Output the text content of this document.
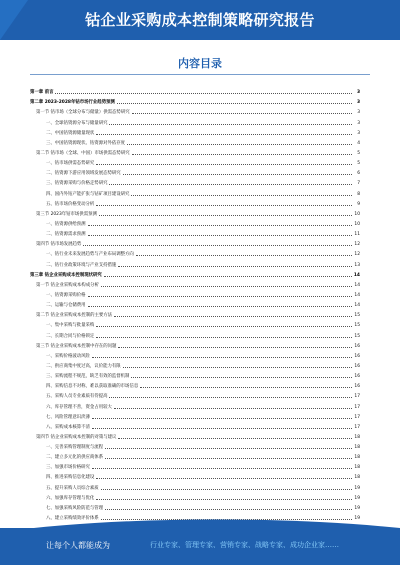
钴企业采购成本控制策略研究报告
内容目录
第一章 前言	3
第二章 2023-2028年钴市场行业趋势预测	3
第一节 钴市场（全球分布与储量）供需态势研究	3
一、全球钴资源分布与储量研究	3
二、中国钴资源储量现状	3
三、中国钴资源现状、钴资源对外依存度	4
第二节 钴市场（全球、中国）市场供需态势研究	5
一、钴市场供需态势研究	5
二、钴资源下游应用领域发展态势研究	6
三、钴资源采购与价格走势研究	7
四、国内外钴产能扩张与钴矿项目建设研究	8
五、钴市场价格变动分析	9
第三节 2023年钴市场供需预测	10
一、钴资源供给预测	10
二、钴资源需求预测	11
第四节 钴市场发展趋势	12
一、钴行业未来发展趋势与产业布局调整方向	12
二、钴行业政策环境与产业支持措施	13
第三章 钴企业采购成本控制现状研究	14
第一节 钴企业采购成本构成分析	14
一、钴资源采购价格	14
二、运输与仓储费用	14
第二节 钴企业采购成本控制的主要方法	15
一、集中采购与批量采购	15
二、长期合同与价格锁定	15
第三节 钴企业采购成本控制中存在的问题	16
一、采购价格波动风险	16
二、供应商集中度过高，议价能力有限	16
三、采购流程不规范，缺乏有效的监督机制	16
四、采购信息不对称，难以获取准确的市场信息	16
五、采购人员专业素质有待提高	17
六、库存管理不善，资金占用较大	17
七、风险管理意识淡薄	17
八、采购成本核算不清	17
第四节 钴企业采购成本控制的对策与建议	18
一、完善采购管理制度与流程	18
二、建立多元化的供应商体系	18
三、加强市场价格研究	18
四、推进采购信息化建设	18
五、提升采购人员综合素质	19
六、加强库存管理与优化	19
七、加强采购风险防范与管理	19
八、建立采购绩效评价体系	19
让每个人都能成为	行业专家、管理专家、营销专家、战略专家、成功企业家……
